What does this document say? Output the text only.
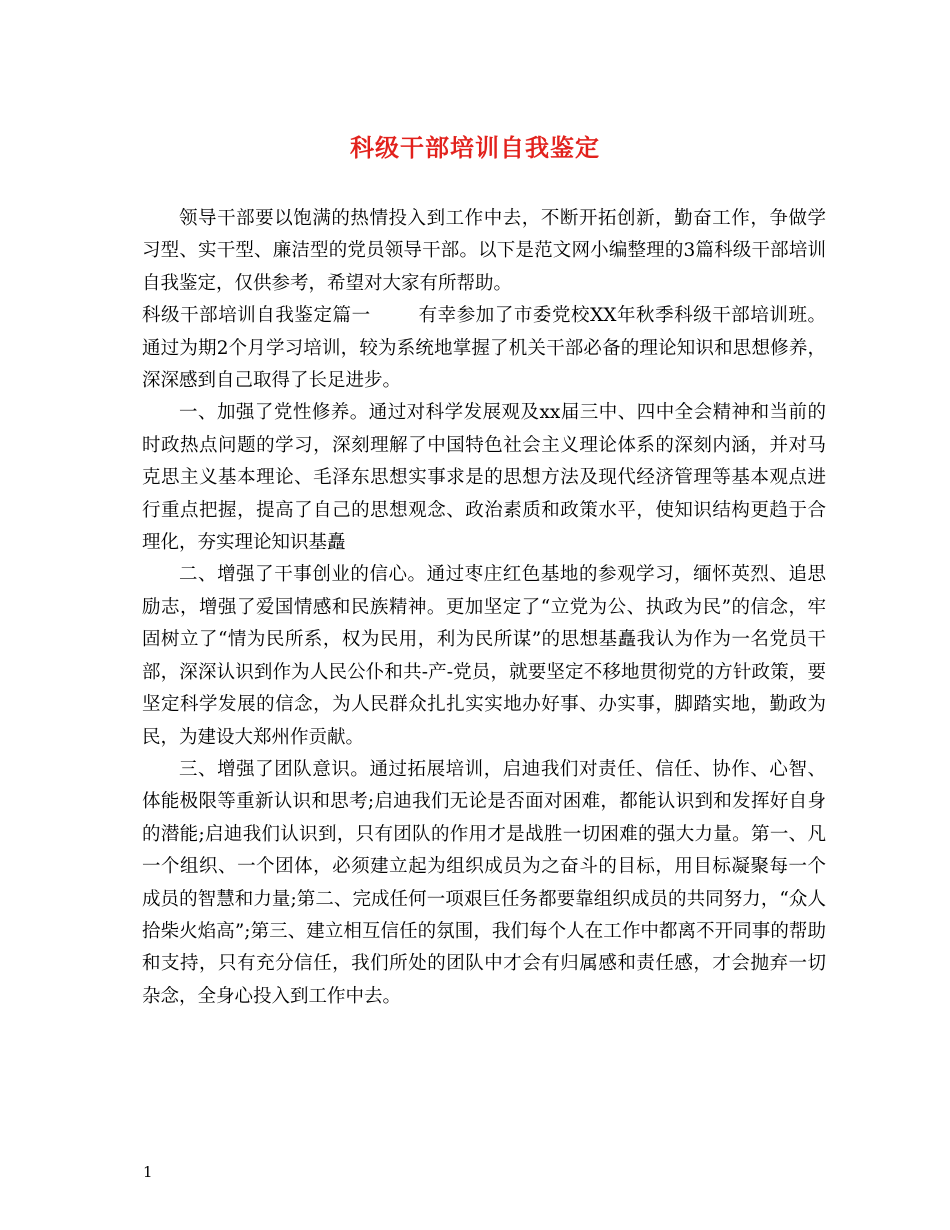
科级干部培训自我鉴定

领导干部要以饱满的热情投入到工作中去，不断开拓创新，勤奋工作，争做学习型、实干型、廉洁型的党员领导干部。以下是范文网小编整理的3篇科级干部培训自我鉴定，仅供参考，希望对大家有所帮助。

科级干部培训自我鉴定篇一	有幸参加了市委党校XX年秋季科级干部培训班。通过为期2个月学习培训，较为系统地掌握了机关干部必备的理论知识和思想修养，深深感到自己取得了长足进步。

一、加强了党性修养。通过对科学发展观及xx届三中、四中全会精神和当前的时政热点问题的学习，深刻理解了中国特色社会主义理论体系的深刻内涵，并对马克思主义基本理论、毛泽东思想实事求是的思想方法及现代经济管理等基本观点进行重点把握，提高了自己的思想观念、政治素质和政策水平，使知识结构更趋于合理化，夯实理论知识基矗

二、增强了干事创业的信心。通过枣庄红色基地的参观学习，缅怀英烈、追思励志，增强了爱国情感和民族精神。更加坚定了“立党为公、执政为民”的信念，牢固树立了“情为民所系，权为民用，利为民所谋”的思想基矗我认为作为一名党员干部，深深认识到作为人民公仆和共-产-党员，就要坚定不移地贯彻党的方针政策，要坚定科学发展的信念，为人民群众扎扎实实地办好事、办实事，脚踏实地，勤政为民，为建设大郑州作贡献。

三、增强了团队意识。通过拓展培训，启迪我们对责任、信任、协作、心智、体能极限等重新认识和思考;启迪我们无论是否面对困难，都能认识到和发挥好自身的潜能;启迪我们认识到，只有团队的作用才是战胜一切困难的强大力量。第一、凡一个组织、一个团体，必须建立起为组织成员为之奋斗的目标，用目标凝聚每一个成员的智慧和力量;第二、完成任何一项艰巨任务都要靠组织成员的共同努力，“众人拾柴火焰高”;第三、建立相互信任的氛围，我们每个人在工作中都离不开同事的帮助和支持，只有充分信任，我们所处的团队中才会有归属感和责任感，才会抛弃一切杂念，全身心投入到工作中去。

1
